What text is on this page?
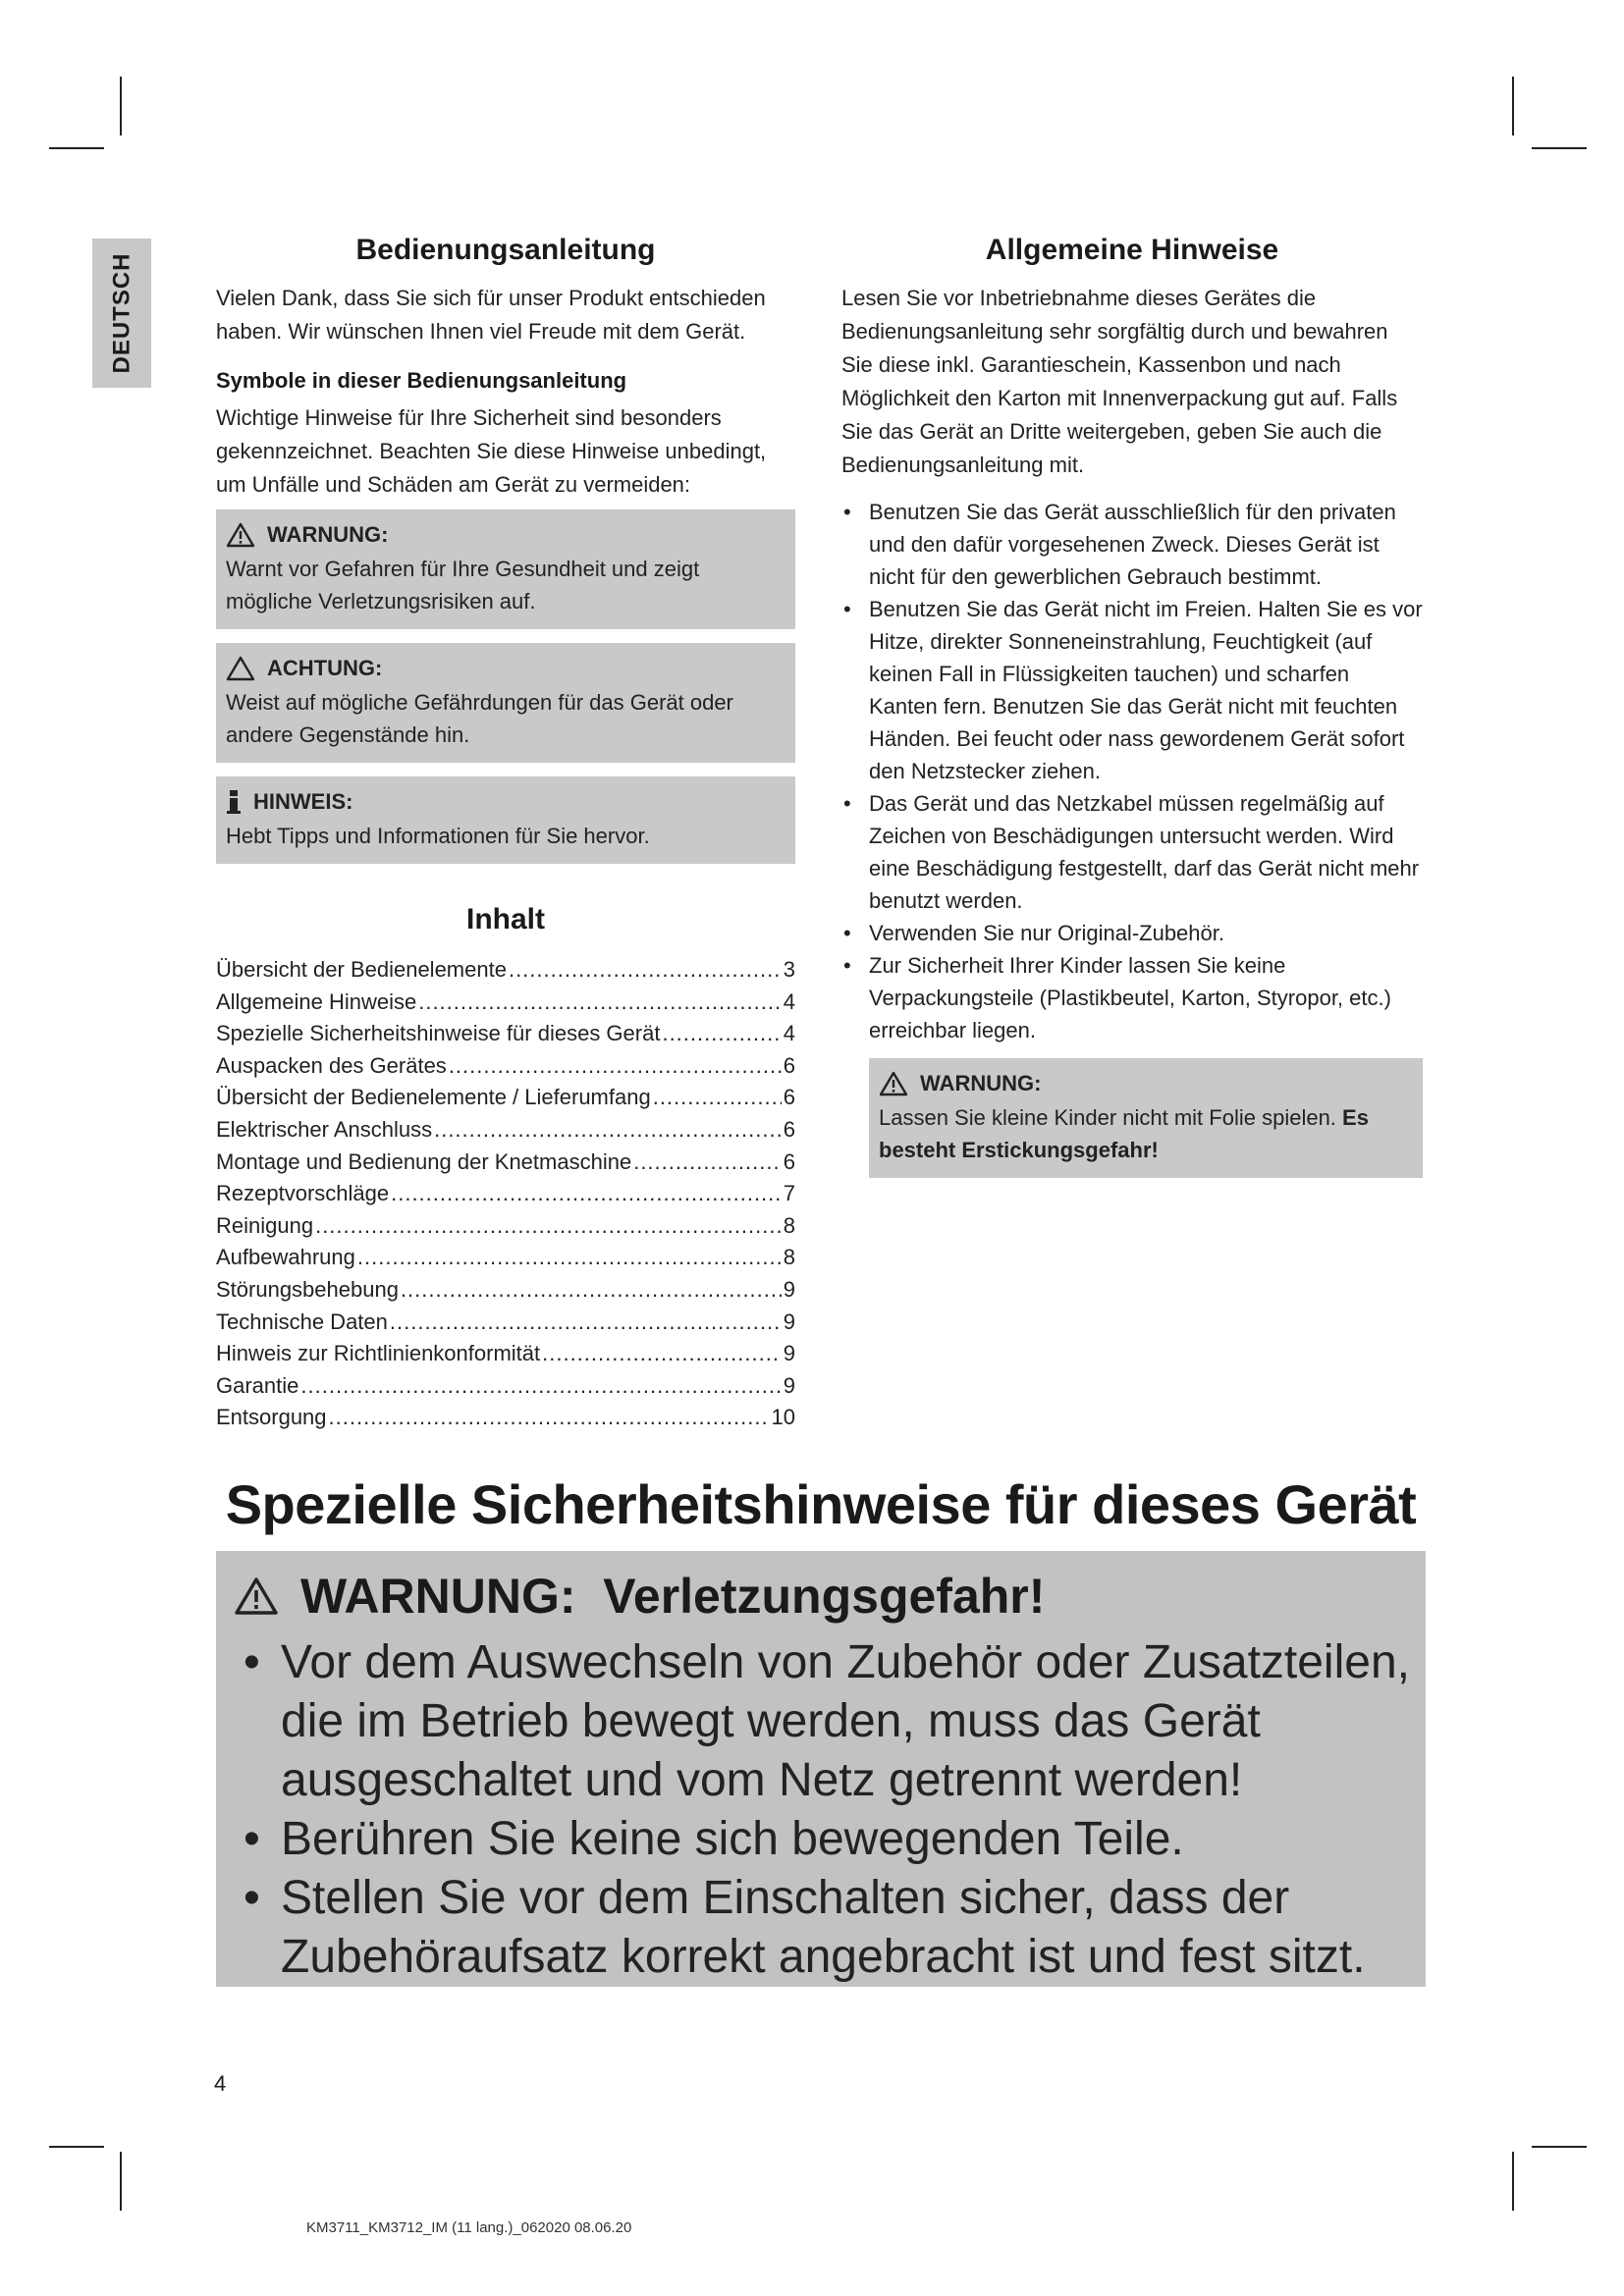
DEUTSCH
Bedienungsanleitung

Vielen Dank, dass Sie sich für unser Produkt entschieden haben. Wir wünschen Ihnen viel Freude mit dem Gerät.

Symbole in dieser Bedienungsanleitung

Wichtige Hinweise für Ihre Sicherheit sind besonders gekennzeichnet. Beachten Sie diese Hinweise unbedingt, um Unfälle und Schäden am Gerät zu vermeiden:

WARNUNG:
Warnt vor Gefahren für Ihre Gesundheit und zeigt mögliche Verletzungsrisiken auf.
ACHTUNG:
Weist auf mögliche Gefährdungen für das Gerät oder andere Gegenstände hin.
HINWEIS:
Hebt Tipps und Informationen für Sie hervor.
Inhalt
Übersicht der Bedienelemente .....	3
Allgemeine Hinweise .....	4
Spezielle Sicherheitshinweise für dieses Gerät .....	4
Auspacken des Gerätes .....	6
Übersicht der Bedienelemente / Lieferumfang .....	6
Elektrischer Anschluss .....	6
Montage und Bedienung der Knetmaschine .....	6
Rezeptvorschläge .....	7
Reinigung .....	8
Aufbewahrung .....	8
Störungsbehebung .....	9
Technische Daten .....	9
Hinweis zur Richtlinienkonformität .....	9
Garantie .....	9
Entsorgung .....	10
Allgemeine Hinweise

Lesen Sie vor Inbetriebnahme dieses Gerätes die Bedienungsanleitung sehr sorgfältig durch und bewahren Sie diese inkl. Garantieschein, Kassenbon und nach Möglichkeit den Karton mit Innenverpackung gut auf. Falls Sie das Gerät an Dritte weitergeben, geben Sie auch die Bedienungsanleitung mit.

• Benutzen Sie das Gerät ausschließlich für den privaten und den dafür vorgesehenen Zweck. Dieses Gerät ist nicht für den gewerblichen Gebrauch bestimmt.
• Benutzen Sie das Gerät nicht im Freien. Halten Sie es vor Hitze, direkter Sonneneinstrahlung, Feuchtigkeit (auf keinen Fall in Flüssigkeiten tauchen) und scharfen Kanten fern. Benutzen Sie das Gerät nicht mit feuchten Händen. Bei feucht oder nass gewordenem Gerät sofort den Netzstecker ziehen.
• Das Gerät und das Netzkabel müssen regelmäßig auf Zeichen von Beschädigungen untersucht werden. Wird eine Beschädigung festgestellt, darf das Gerät nicht mehr benutzt werden.
• Verwenden Sie nur Original-Zubehör.
• Zur Sicherheit Ihrer Kinder lassen Sie keine Verpackungsteile (Plastikbeutel, Karton, Styropor, etc.) erreichbar liegen.
WARNUNG:
Lassen Sie kleine Kinder nicht mit Folie spielen. Es besteht Erstickungsgefahr!
Spezielle Sicherheitshinweise für dieses Gerät
WARNUNG:  Verletzungsgefahr!
• Vor dem Auswechseln von Zubehör oder Zusatzteilen, die im Betrieb bewegt werden, muss das Gerät ausgeschaltet und vom Netz getrennt werden!
• Berühren Sie keine sich bewegenden Teile.
• Stellen Sie vor dem Einschalten sicher, dass der Zubehöraufsatz korrekt angebracht ist und fest sitzt.
4
KM3711_KM3712_IM (11 lang.)_062020 08.06.20
